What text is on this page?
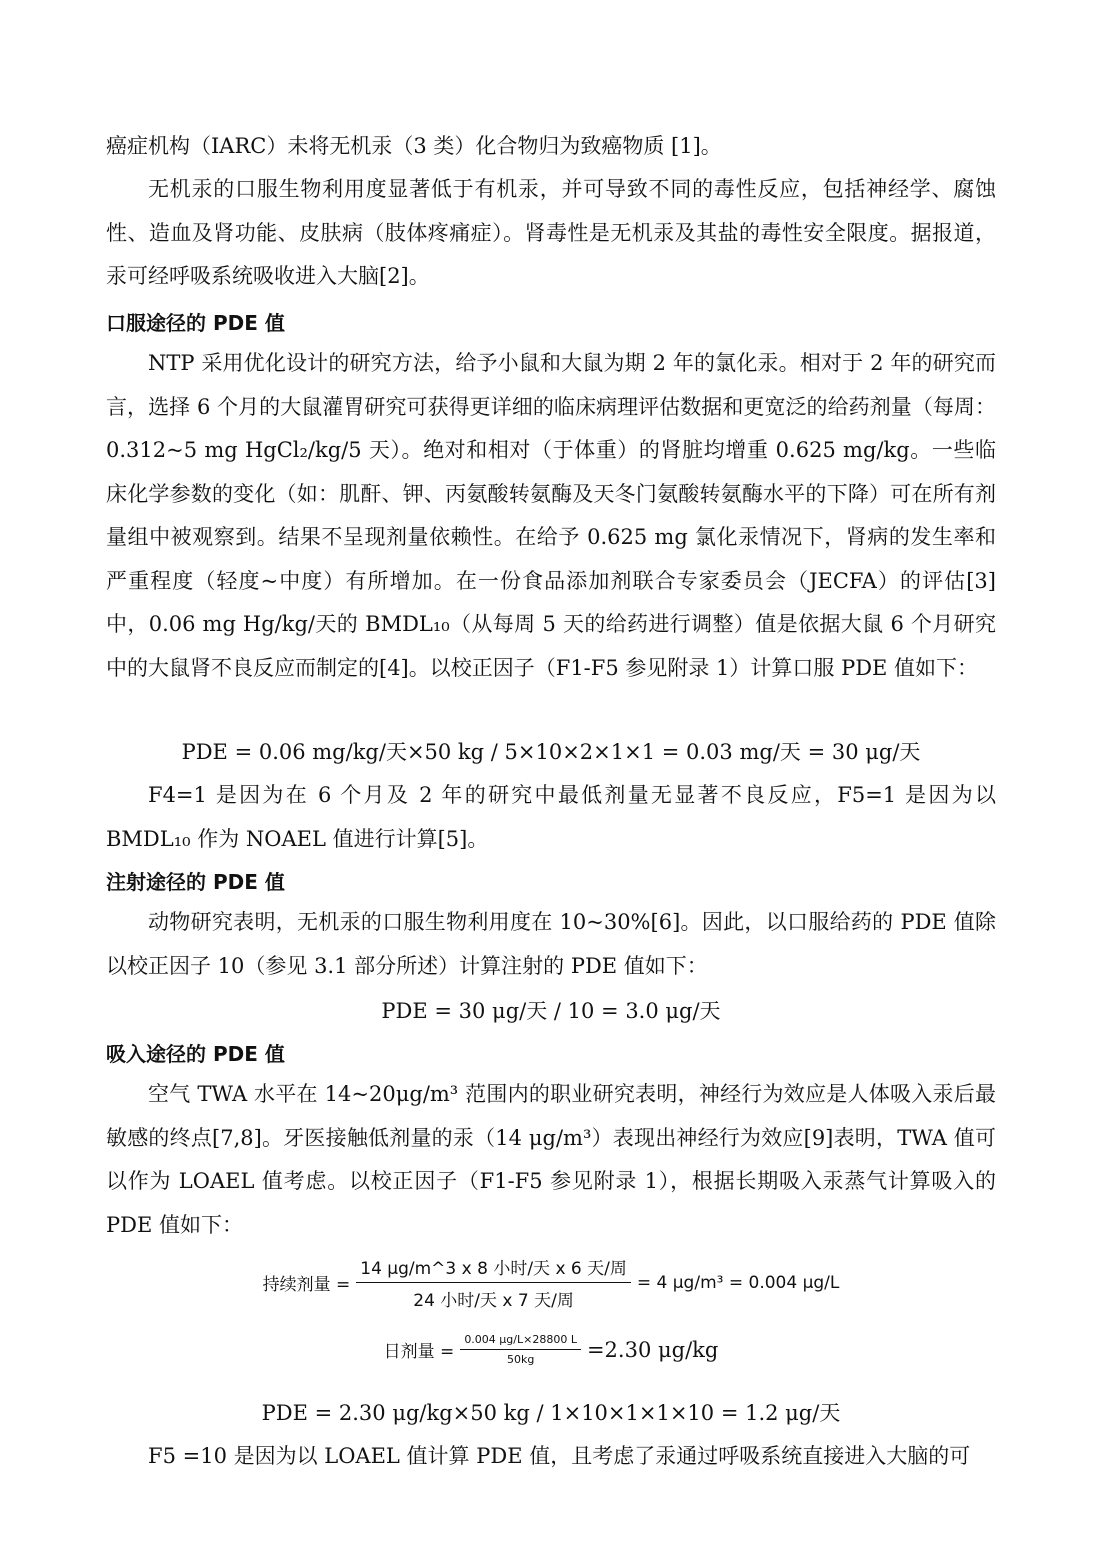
癌症机构（IARC）未将无机汞（3 类）化合物归为致癌物质 [1]。

无机汞的口服生物利用度显著低于有机汞，并可导致不同的毒性反应，包括神经学、腐蚀性、造血及肾功能、皮肤病（肢体疼痛症）。肾毒性是无机汞及其盐的毒性安全限度。据报道，汞可经呼吸系统吸收进入大脑[2]。

口服途径的 PDE 值

NTP 采用优化设计的研究方法，给予小鼠和大鼠为期 2 年的氯化汞。相对于 2 年的研究而言，选择 6 个月的大鼠灌胃研究可获得更详细的临床病理评估数据和更宽泛的给药剂量（每周：0.312~5 mg HgCl₂/kg/5 天）。绝对和相对（于体重）的肾脏均增重 0.625 mg/kg。一些临床化学参数的变化（如：肌酐、钾、丙氨酸转氨酶及天冬门氨酸转氨酶水平的下降）可在所有剂量组中被观察到。结果不呈现剂量依赖性。在给予 0.625 mg 氯化汞情况下，肾病的发生率和严重程度（轻度~中度）有所增加。在一份食品添加剂联合专家委员会（JECFA）的评估[3]中，0.06 mg Hg/kg/天的 BMDL₁₀（从每周 5 天的给药进行调整）值是依据大鼠 6 个月研究中的大鼠肾不良反应而制定的[4]。以校正因子（F1-F5 参见附录 1）计算口服 PDE 值如下：

PDE = 0.06 mg/kg/天×50 kg / 5×10×2×1×1 = 0.03 mg/天 = 30 μg/天

F4=1 是因为在 6 个月及 2 年的研究中最低剂量无显著不良反应，F5=1 是因为以 BMDL₁₀ 作为 NOAEL 值进行计算[5]。

注射途径的 PDE 值

动物研究表明，无机汞的口服生物利用度在 10~30%[6]。因此，以口服给药的 PDE 值除以校正因子 10（参见 3.1 部分所述）计算注射的 PDE 值如下：

PDE = 30 μg/天 / 10 = 3.0 μg/天

吸入途径的 PDE 值

空气 TWA 水平在 14~20μg/m³ 范围内的职业研究表明，神经行为效应是人体吸入汞后最敏感的终点[7,8]。牙医接触低剂量的汞（14 μg/m³）表现出神经行为效应[9]表明，TWA 值可以作为 LOAEL 值考虑。以校正因子（F1-F5 参见附录 1），根据长期吸入汞蒸气计算吸入的 PDE 值如下：

持续剂量 = $\frac{\text{14 μg/m\textasciicircum{}3 x 8 小时/天 x 6 天/周}}{\text{24 小时/天 x 7 天/周}} = 4$ μg/m³ = 0.004 μg/L
日剂量 = $\frac{0.004 \mu g/L\times 28800 L}{50kg} =2.30$ μg/kg

PDE = 2.30 μg/kg×50 kg / 1×10×1×1×10 = 1.2 μg/天

F5 =10 是因为以 LOAEL 值计算 PDE 值，且考虑了汞通过呼吸系统直接进入大脑的可
